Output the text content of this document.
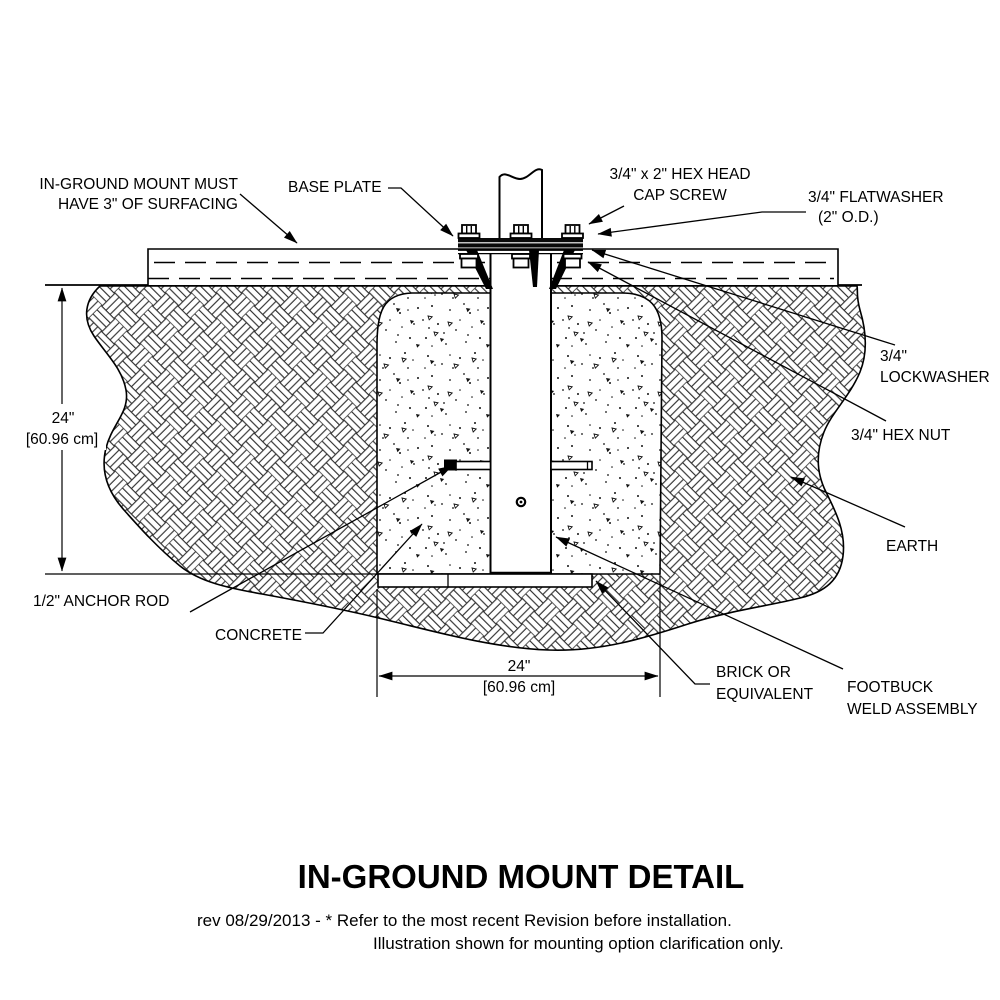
24"
[60.96 cm]
24"
[60.96 cm]
IN-GROUND MOUNT MUST
HAVE 3" OF SURFACING
BASE PLATE
3/4" x 2" HEX HEAD
CAP SCREW	3/4" FLATWASHER
(2" O.D.)
3/4"
LOCKWASHER
3/4" HEX NUT
EARTH
1/2" ANCHOR ROD
CONCRETE
BRICK OR
EQUIVALENT FOOTBUCK
WELD ASSEMBLY
IN-GROUND MOUNT DETAIL
rev 08/29/2013 - * Refer to the most recent Revision before installation.
Illustration shown for mounting option clarification only.
